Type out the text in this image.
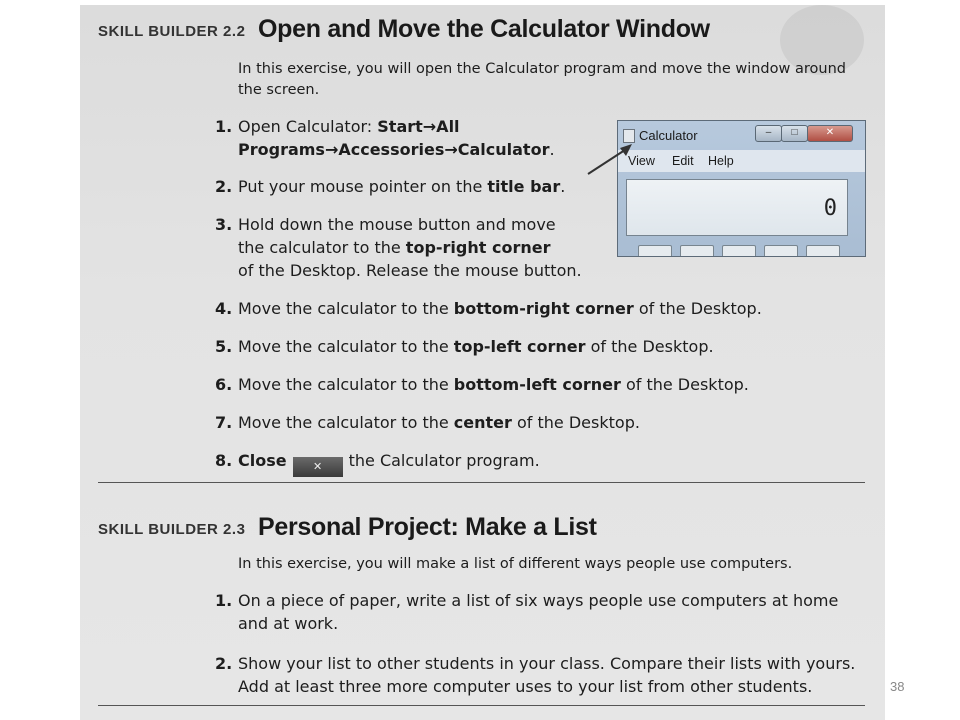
SKILL BUILDER 2.2 Open and Move the Calculator Window
In this exercise, you will open the Calculator program and move the window around the screen.
1. Open Calculator: Start→All
Programs→Accessories→Calculator.
2. Put your mouse pointer on the title bar.
3. Hold down the mouse button and move
the calculator to the top-right corner
of the Desktop. Release the mouse button.
4. Move the calculator to the bottom-right corner of the Desktop.
5. Move the calculator to the top-left corner of the Desktop.
6. Move the calculator to the bottom-left corner of the Desktop.
7. Move the calculator to the center of the Desktop.
8. Close ✕ the Calculator program.
Calculator	–	□	✕
View Edit Help
0
SKILL BUILDER 2.3 Personal Project: Make a List
In this exercise, you will make a list of different ways people use computers.
1. On a piece of paper, write a list of six ways people use computers at home
and at work.
2. Show your list to other students in your class. Compare their lists with yours.
Add at least three more computer uses to your list from other students.	38
